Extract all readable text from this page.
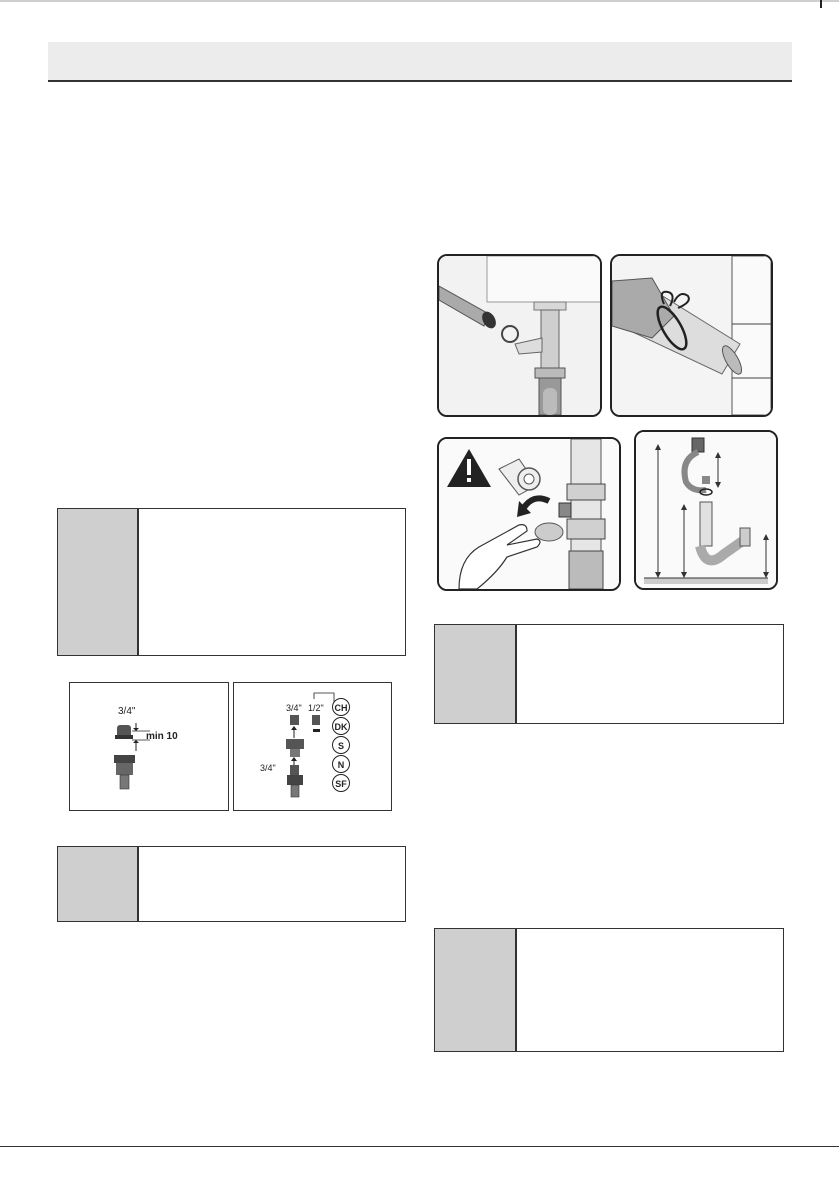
3/4"
min 10
3/4" 1/2"
3/4"
CH
DK
S
N
SF
